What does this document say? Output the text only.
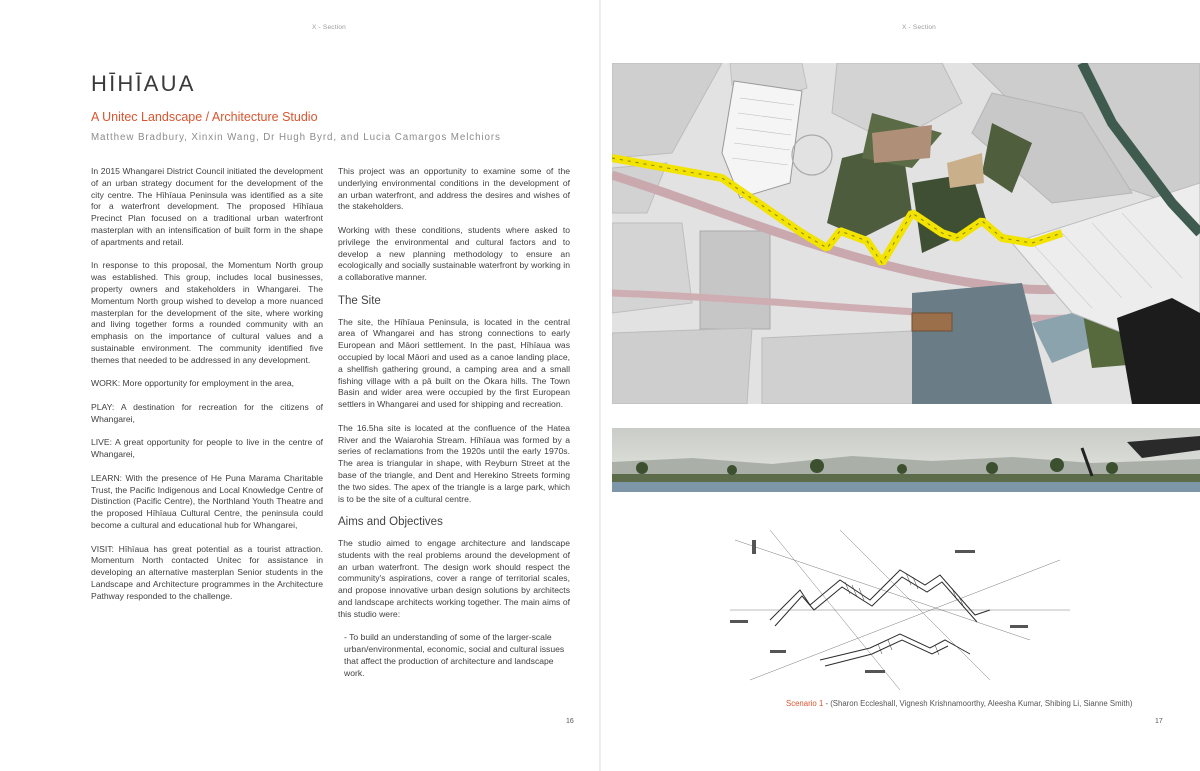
X - Section
HĪHĪAUA
A Unitec Landscape / Architecture Studio
Matthew Bradbury, Xinxin Wang, Dr Hugh Byrd, and Lucia Camargos Melchiors

In 2015 Whangarei District Council initiated the development of an urban strategy document for the development of the city centre. The Hīhīaua Peninsula was identified as a site for a waterfront development. The proposed Hīhīaua Precinct Plan focused on a traditional urban waterfront masterplan with an intensification of built form in the shape of apartments and retail.

In response to this proposal, the Momentum North group was established. This group, includes local businesses, property owners and stakeholders in Whangarei. The Momentum North group wished to develop a more nuanced masterplan for the development of the site, where working and living together forms a rounded community with an emphasis on the importance of cultural values and a sustainable environment. The community identified five themes that needed to be addressed in any development.

WORK: More opportunity for employment in the area,

PLAY: A destination for recreation for the citizens of Whangarei,

LIVE: A great opportunity for people to live in the centre of Whangarei,

LEARN: With the presence of He Puna Marama Charitable Trust, the Pacific Indigenous and Local Knowledge Centre of Distinction (Pacific Centre), the Northland Youth Theatre and the proposed Hīhīaua Cultural Centre, the peninsula could become a cultural and educational hub for Whangarei,

VISIT: Hīhīaua has great potential as a tourist attraction. Momentum North contacted Unitec for assistance in developing an alternative masterplan Senior students in the Landscape and Architecture programmes in the Architecture Pathway responded to the challenge.

This project was an opportunity to examine some of the underlying environmental conditions in the development of an urban waterfront, and address the desires and wishes of the stakeholders.

Working with these conditions, students where asked to privilege the environmental and cultural factors and to develop a new planning methodology to ensure an ecologically and socially sustainable waterfront by working in a collaborative manner.

The Site

The site, the Hīhīaua Peninsula, is located in the central area of Whangarei and has strong connections to early European and Māori settlement. In the past, Hīhīaua was occupied by local Māori and used as a canoe landing place, a shellfish gathering ground, a camping area and a small fishing village with a pā built on the Ōkara hills. The Town Basin and wider area were occupied by the first European settlers in Whangarei and used for shipping and recreation.

The 16.5ha site is located at the confluence of the Hatea River and the Waiarohia Stream. Hīhīaua was formed by a series of reclamations from the 1920s until the early 1970s. The area is triangular in shape, with Reyburn Street at the base of the triangle, and Dent and Herekino Streets forming the two sides. The apex of the triangle is a large park, which is to be the site of a cultural centre.

Aims and Objectives

The studio aimed to engage architecture and landscape students with the real problems around the development of an urban waterfront. The design work should respect the community's aspirations, cover a range of territorial scales, and propose innovative urban design solutions by architects and landscape architects working together. The main aims of this studio were:

- To build an understanding of some of the larger-scale urban/environmental, economic, social and cultural issues that affect the production of architecture and landscape work.

16
X - Section
Scenario 1 - (Sharon Eccleshall, Vignesh Krishnamoorthy, Aleesha Kumar, Shibing Li, Sianne Smith)
17
